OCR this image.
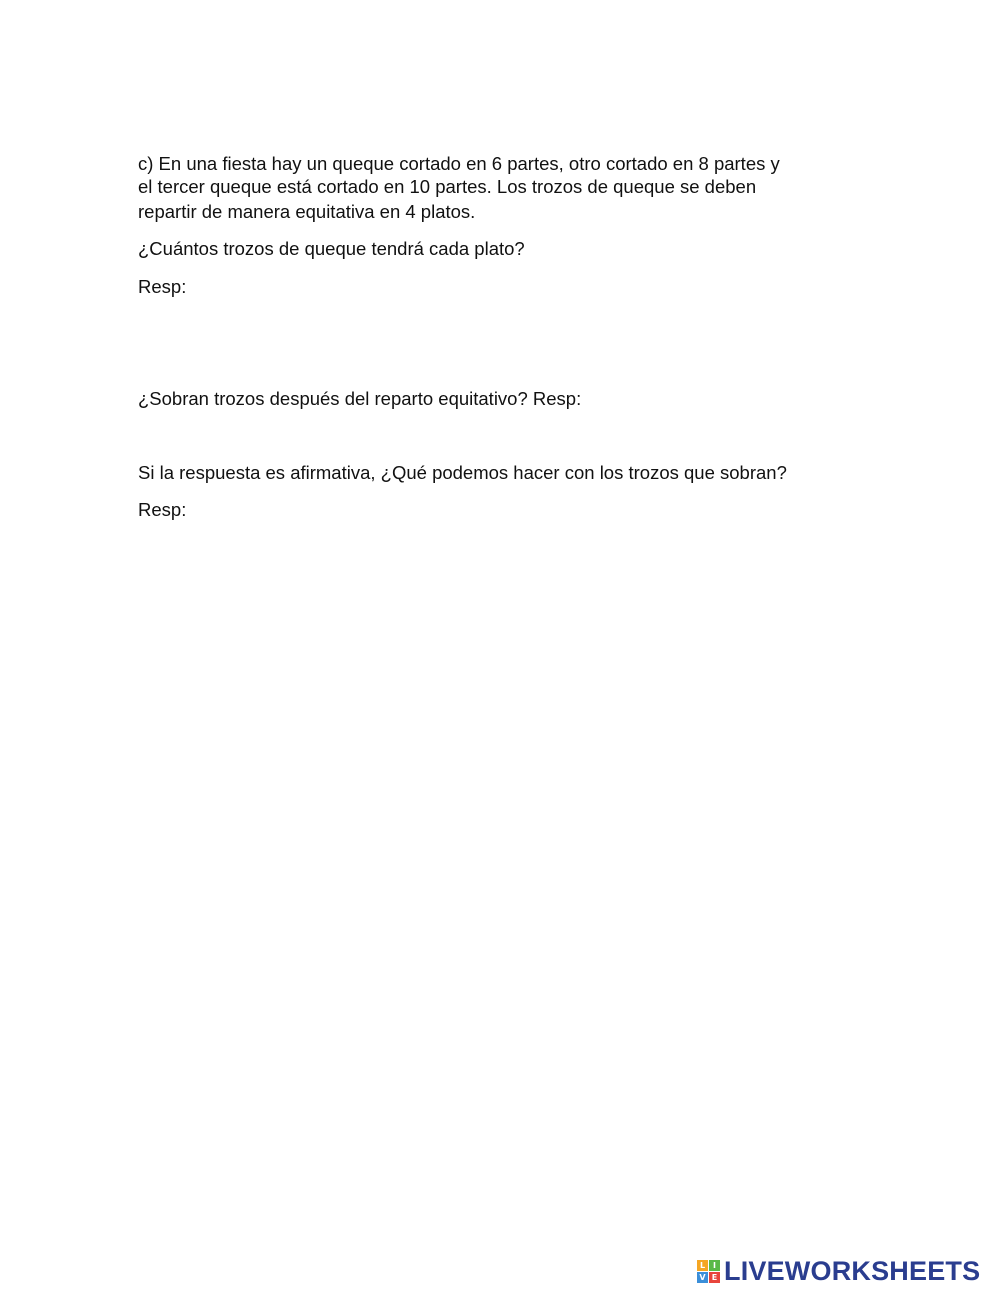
c) En una fiesta hay un queque cortado en 6 partes, otro cortado en 8 partes y

el tercer queque está cortado en 10 partes. Los trozos de queque se deben

repartir de manera equitativa en 4 platos.

¿Cuántos trozos de queque tendrá cada plato?

Resp:

¿Sobran trozos después del reparto equitativo? Resp:

Si la respuesta es afirmativa, ¿Qué podemos hacer con los trozos que sobran?

Resp:

L I
V E LIVEWORKSHEETS
